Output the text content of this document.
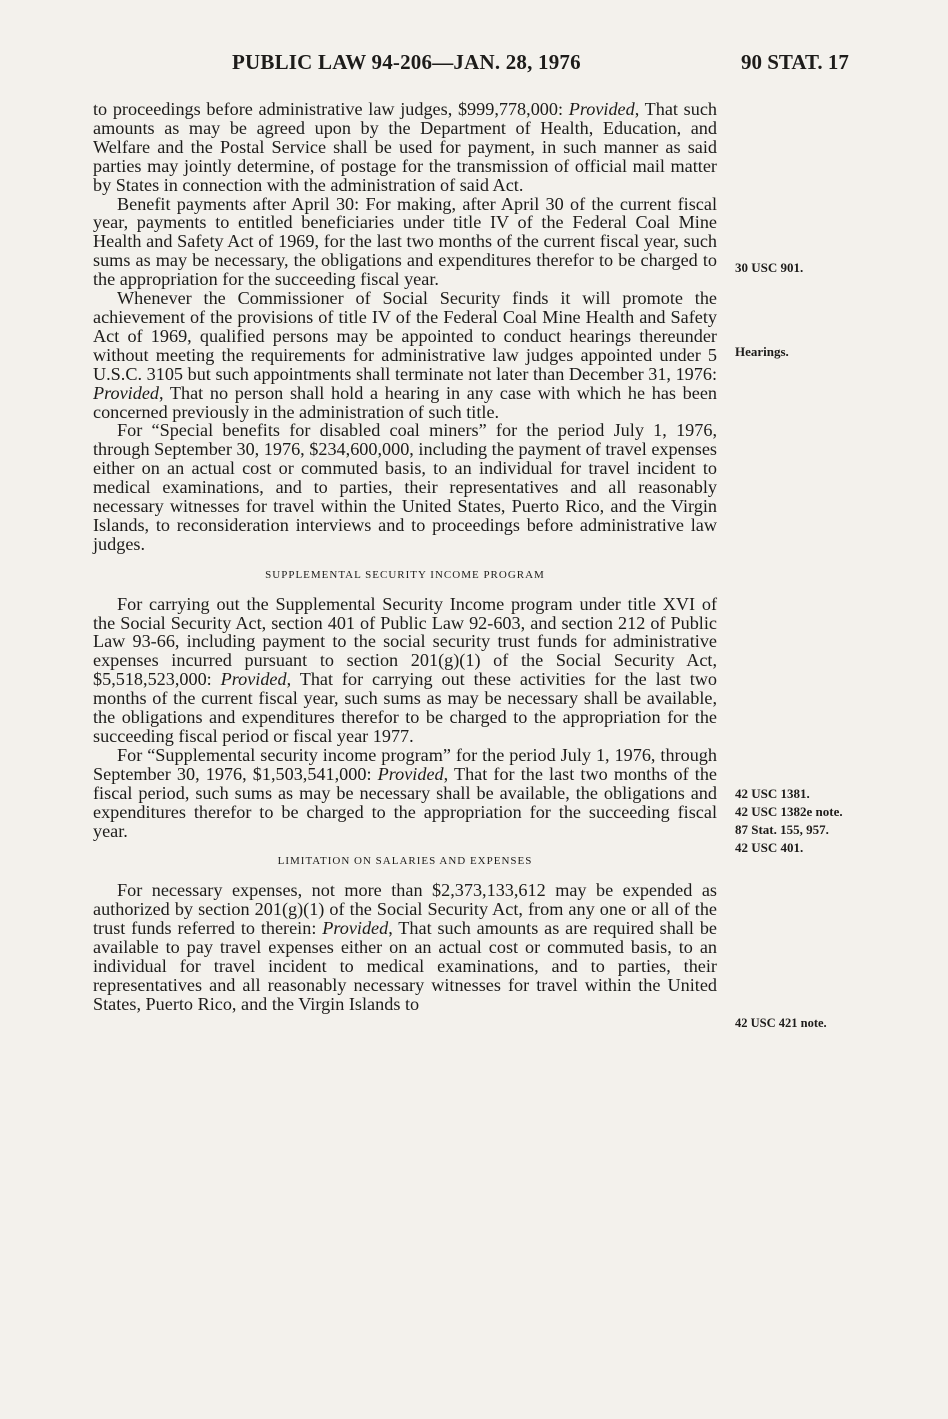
PUBLIC LAW 94-206—JAN. 28, 1976	90 STAT. 17

to proceedings before administrative law judges, $999,778,000: Provided, That such amounts as may be agreed upon by the Department of Health, Education, and Welfare and the Postal Service shall be used for payment, in such manner as said parties may jointly determine, of postage for the transmission of official mail matter by States in connection with the administration of said Act.

Benefit payments after April 30: For making, after April 30 of the current fiscal year, payments to entitled beneficiaries under title IV of the Federal Coal Mine Health and Safety Act of 1969, for the last two months of the current fiscal year, such sums as may be necessary, the obligations and expenditures therefor to be charged to the appropriation for the succeeding fiscal year.

Whenever the Commissioner of Social Security finds it will promote the achievement of the provisions of title IV of the Federal Coal Mine Health and Safety Act of 1969, qualified persons may be appointed to conduct hearings thereunder without meeting the requirements for administrative law judges appointed under 5 U.S.C. 3105 but such appointments shall terminate not later than December 31, 1976: Provided, That no person shall hold a hearing in any case with which he has been concerned previously in the administration of such title.

For “Special benefits for disabled coal miners” for the period July 1, 1976, through September 30, 1976, $234,600,000, including the payment of travel expenses either on an actual cost or commuted basis, to an individual for travel incident to medical examinations, and to parties, their representatives and all reasonably necessary witnesses for travel within the United States, Puerto Rico, and the Virgin Islands, to reconsideration interviews and to proceedings before administrative law judges.

SUPPLEMENTAL SECURITY INCOME PROGRAM

For carrying out the Supplemental Security Income program under title XVI of the Social Security Act, section 401 of Public Law 92-603, and section 212 of Public Law 93-66, including payment to the social security trust funds for administrative expenses incurred pursuant to section 201(g)(1) of the Social Security Act, $5,518,523,000: Provided, That for carrying out these activities for the last two months of the current fiscal year, such sums as may be necessary shall be available, the obligations and expenditures therefor to be charged to the appropriation for the succeeding fiscal period or fiscal year 1977.

For “Supplemental security income program” for the period July 1, 1976, through September 30, 1976, $1,503,541,000: Provided, That for the last two months of the fiscal period, such sums as may be necessary shall be available, the obligations and expenditures therefor to be charged to the appropriation for the succeeding fiscal year.

LIMITATION ON SALARIES AND EXPENSES

For necessary expenses, not more than $2,373,133,612 may be expended as authorized by section 201(g)(1) of the Social Security Act, from any one or all of the trust funds referred to therein: Provided, That such amounts as are required shall be available to pay travel expenses either on an actual cost or commuted basis, to an individual for travel incident to medical examinations, and to parties, their representatives and all reasonably necessary witnesses for travel within the United States, Puerto Rico, and the Virgin Islands to

30 USC 901.
Hearings.
42 USC 1381.
42 USC 1382e note.
87 Stat. 155, 957.
42 USC 401.
42 USC 421 note.
